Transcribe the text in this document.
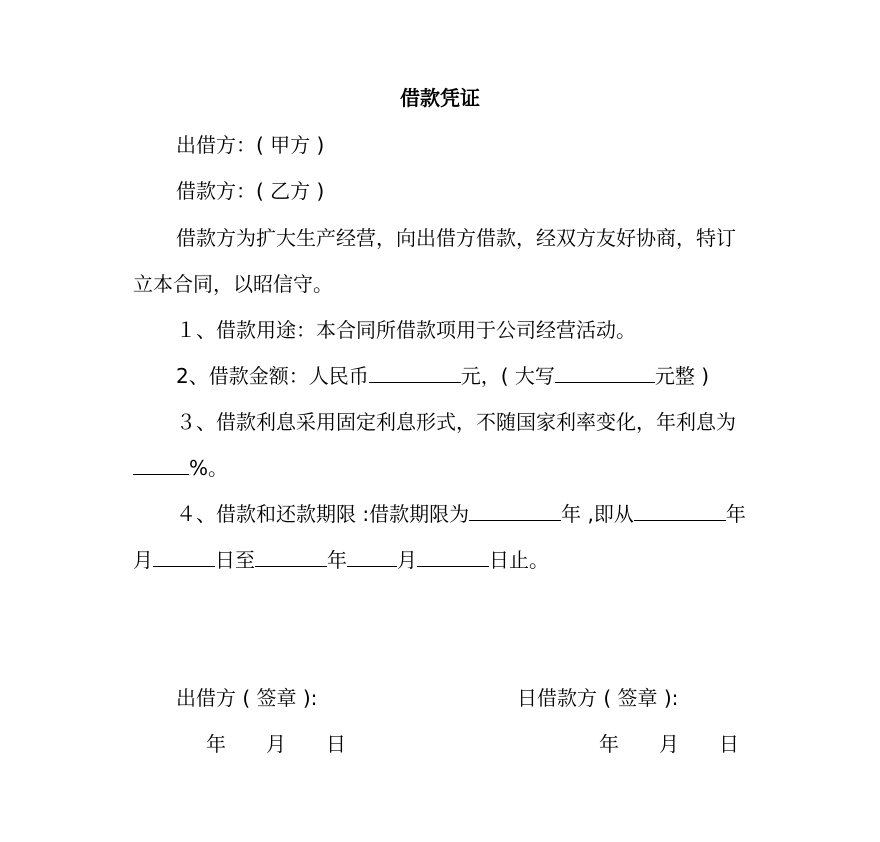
借款凭证
出借方：( 甲方 )
借款方：( 乙方 )
借款方为扩大生产经营，向出借方借款，经双方友好协商，特订
立本合同，以昭信守。
１、借款用途：本合同所借款项用于公司经营活动。
2、借款金额：人民币	元，( 大写	元整 )
３、借款利息采用固定利息形式，不随国家利率变化，年利息为
%。
４、借款和还款期限 :借款期限为	年 ,即从	年
月	日至	年	月	日止。
出借方 ( 签章 ):	日借款方 ( 签章 ):
年　　月　　日	年　　月　　日
